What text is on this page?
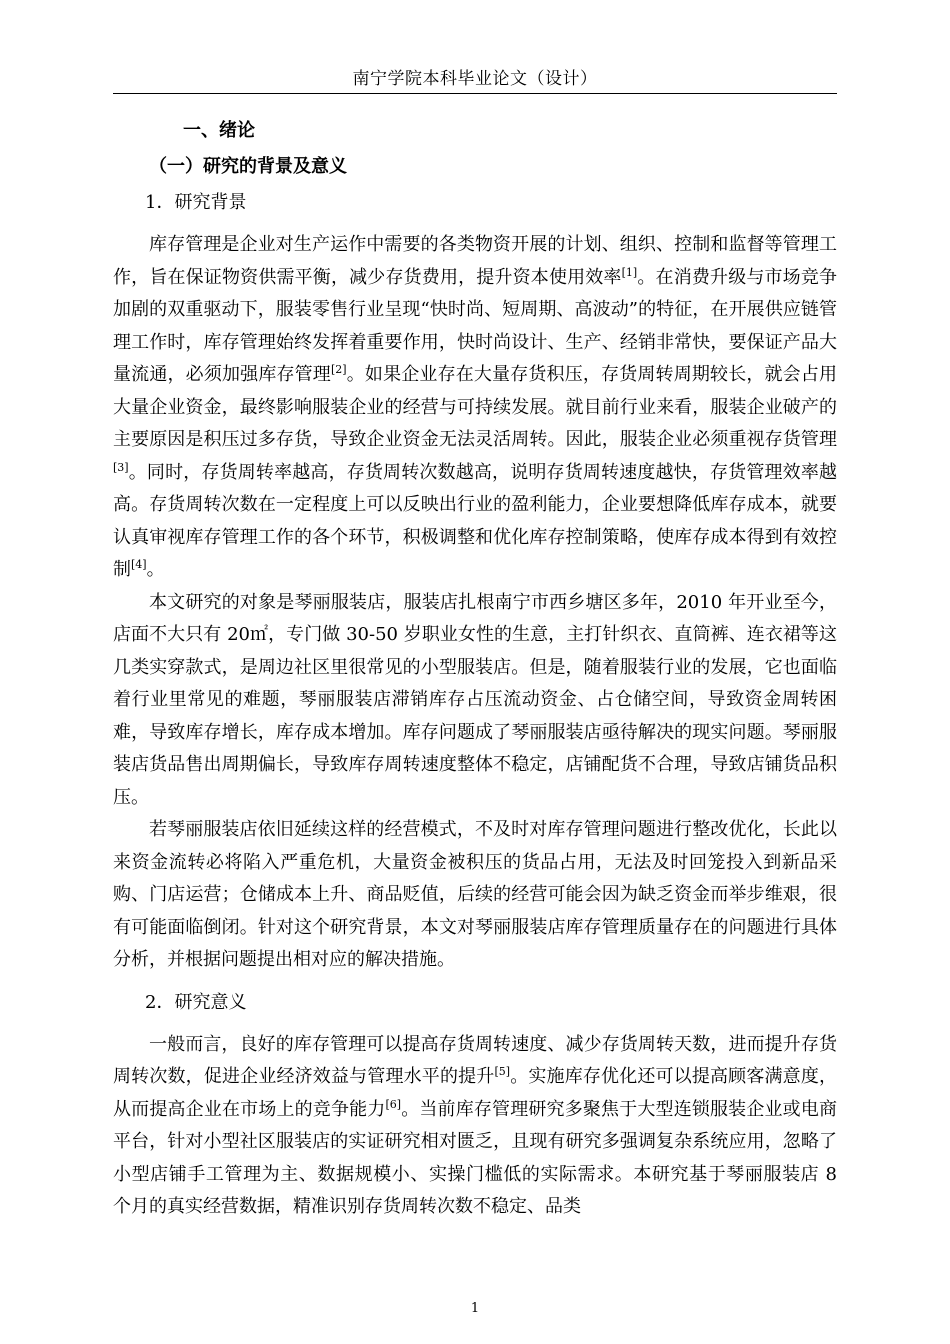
南宁学院本科毕业论文（设计）
一、绪论
（一）研究的背景及意义
1．研究背景

库存管理是企业对生产运作中需要的各类物资开展的计划、组织、控制和监督等管理工作，旨在保证物资供需平衡，减少存货费用，提升资本使用效率[1]。在消费升级与市场竞争加剧的双重驱动下，服装零售行业呈现“快时尚、短周期、高波动”的特征，在开展供应链管理工作时，库存管理始终发挥着重要作用，快时尚设计、生产、经销非常快，要保证产品大量流通，必须加强库存管理[2]。如果企业存在大量存货积压，存货周转周期较长，就会占用大量企业资金，最终影响服装企业的经营与可持续发展。就目前行业来看，服装企业破产的主要原因是积压过多存货，导致企业资金无法灵活周转。因此，服装企业必须重视存货管理[3]。同时，存货周转率越高，存货周转次数越高，说明存货周转速度越快，存货管理效率越高。存货周转次数在一定程度上可以反映出行业的盈利能力，企业要想降低库存成本，就要认真审视库存管理工作的各个环节，积极调整和优化库存控制策略，使库存成本得到有效控制[4]。

本文研究的对象是琴丽服装店，服装店扎根南宁市西乡塘区多年，2010 年开业至今，店面不大只有 20㎡，专门做 30-50 岁职业女性的生意，主打针织衣、直筒裤、连衣裙等这几类实穿款式，是周边社区里很常见的小型服装店。但是，随着服装行业的发展，它也面临着行业里常见的难题，琴丽服装店滞销库存占压流动资金、占仓储空间，导致资金周转困难，导致库存增长，库存成本增加。库存问题成了琴丽服装店亟待解决的现实问题。琴丽服装店货品售出周期偏长，导致库存周转速度整体不稳定，店铺配货不合理，导致店铺货品积压。

若琴丽服装店依旧延续这样的经营模式，不及时对库存管理问题进行整改优化，长此以来资金流转必将陷入严重危机，大量资金被积压的货品占用，无法及时回笼投入到新品采购、门店运营；仓储成本上升、商品贬值，后续的经营可能会因为缺乏资金而举步维艰，很有可能面临倒闭。针对这个研究背景，本文对琴丽服装店库存管理质量存在的问题进行具体分析，并根据问题提出相对应的解决措施。

2．研究意义

一般而言，良好的库存管理可以提高存货周转速度、减少存货周转天数，进而提升存货周转次数，促进企业经济效益与管理水平的提升[5]。实施库存优化还可以提高顾客满意度，从而提高企业在市场上的竞争能力[6]。当前库存管理研究多聚焦于大型连锁服装企业或电商平台，针对小型社区服装店的实证研究相对匮乏，且现有研究多强调复杂系统应用，忽略了小型店铺手工管理为主、数据规模小、实操门槛低的实际需求。本研究基于琴丽服装店 8 个月的真实经营数据，精准识别存货周转次数不稳定、品类

1
